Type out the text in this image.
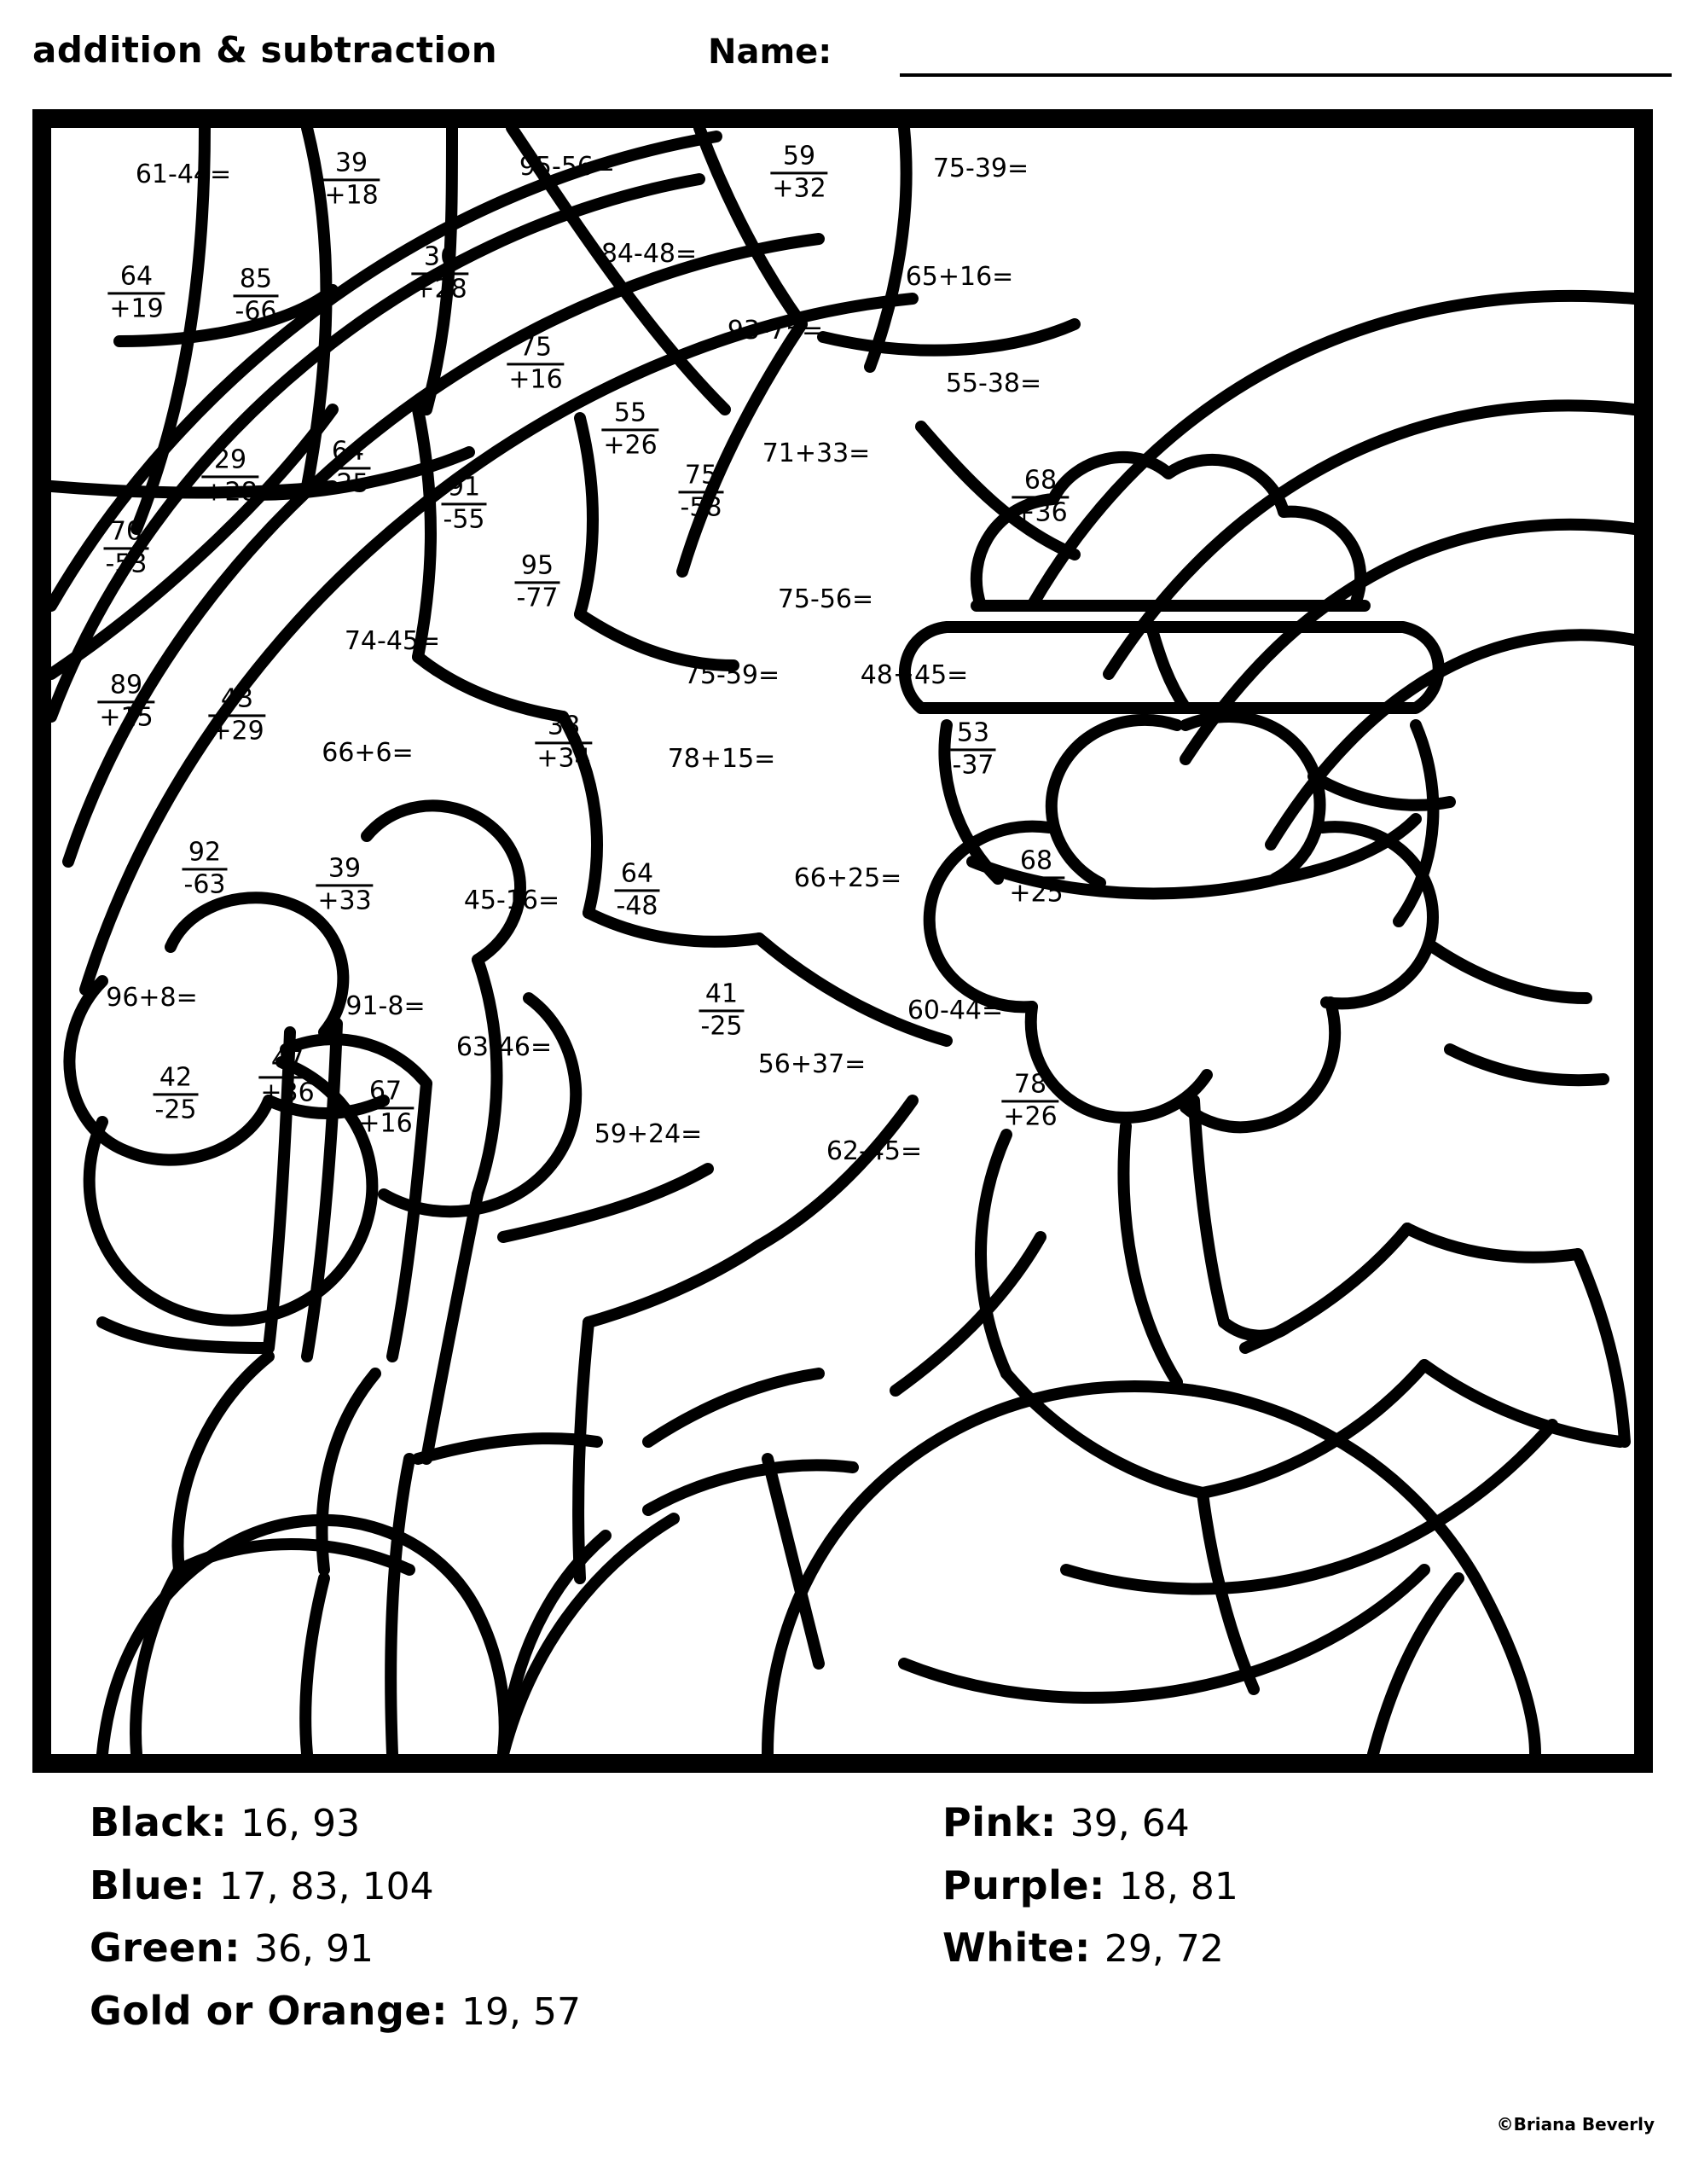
addition & subtraction	Name:
61-44=	39
+18
95-56=	59
+32
75-39=
36
+28
84-48=
64
+19
85
-66
65+16=
93-75=
75
+16	55-38=
55
+26	71+33=
29
+28
64
-25	75
-58
91
-55
68
+36
70
-53	95
-77	75-56=
74-45=
75-59=	48+45=
89
+15
43
+29
66+6=
38
+34	78+15=
53
-37
92
-63
39
+33	45-16=
64
-48
66+25=
68
+25
96+8=	91-8=	41
-25
60-44=
63-46=
56+37=
47
+36
42
-25
67
+16
78
+26
59+24=
62-45=
Black: 16, 93
Blue: 17, 83, 104
Green: 36, 91
Gold or Orange: 19, 57
Pink: 39, 64
Purple: 18, 81
White: 29, 72
©Briana Beverly
